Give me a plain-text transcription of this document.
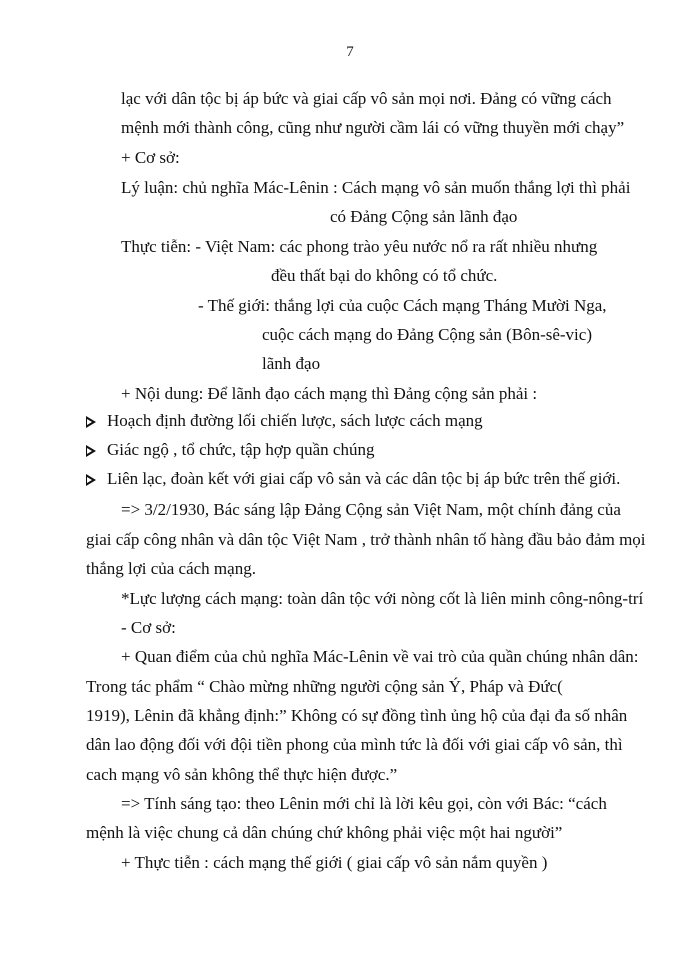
7
lạc với dân tộc bị áp bức và giai cấp vô sản mọi nơi. Đảng có vững cách
mệnh mới thành công, cũng như người cầm lái có vững thuyền mới chạy”
+ Cơ sở:
Lý luận: chủ nghĩa Mác-Lênin : Cách mạng vô sản muốn thắng lợi thì phải
có Đảng Cộng sản lãnh đạo
Thực tiễn: - Việt Nam: các phong trào yêu nước nổ ra rất nhiều nhưng
đều thất bại do không có tổ chức.
- Thế giới: thắng lợi của cuộc Cách mạng Tháng Mười Nga,
cuộc cách mạng do Đảng Cộng sản (Bôn-sê-vic)
lãnh đạo
+ Nội dung: Để lãnh đạo cách mạng thì Đảng cộng sản phải :
Hoạch định đường lối chiến lược, sách lược cách mạng
Giác ngộ , tổ chức, tập hợp quần chúng
Liên lạc, đoàn kết với giai cấp vô sản và các dân tộc bị áp bức trên thế giới.
=> 3/2/1930, Bác sáng lập Đảng Cộng sản Việt Nam, một chính đảng của
giai cấp công nhân và dân tộc Việt Nam , trở thành nhân tố hàng đầu bảo đảm mọi
thắng lợi của cách mạng.
*Lực lượng cách mạng: toàn dân tộc với nòng cốt là liên minh công-nông-trí
- Cơ sở:
+ Quan điểm của chủ nghĩa Mác-Lênin về vai trò của quần chúng nhân dân:
Trong tác phẩm “ Chào mừng những người cộng sản Ý, Pháp và Đức(
1919), Lênin đã khẳng định:” Không có sự đồng tình ủng hộ của đại đa số nhân
dân lao động đối với đội tiền phong của mình tức là đối với giai cấp vô sản, thì
cach mạng vô sản không thể thực hiện được.”
=> Tính sáng tạo: theo Lênin mới chỉ là lời kêu gọi, còn với Bác: “cách
mệnh là việc chung cả dân chúng chứ không phải việc một hai người”
+ Thực tiễn : cách mạng thế giới ( giai cấp vô sản nắm quyền )
